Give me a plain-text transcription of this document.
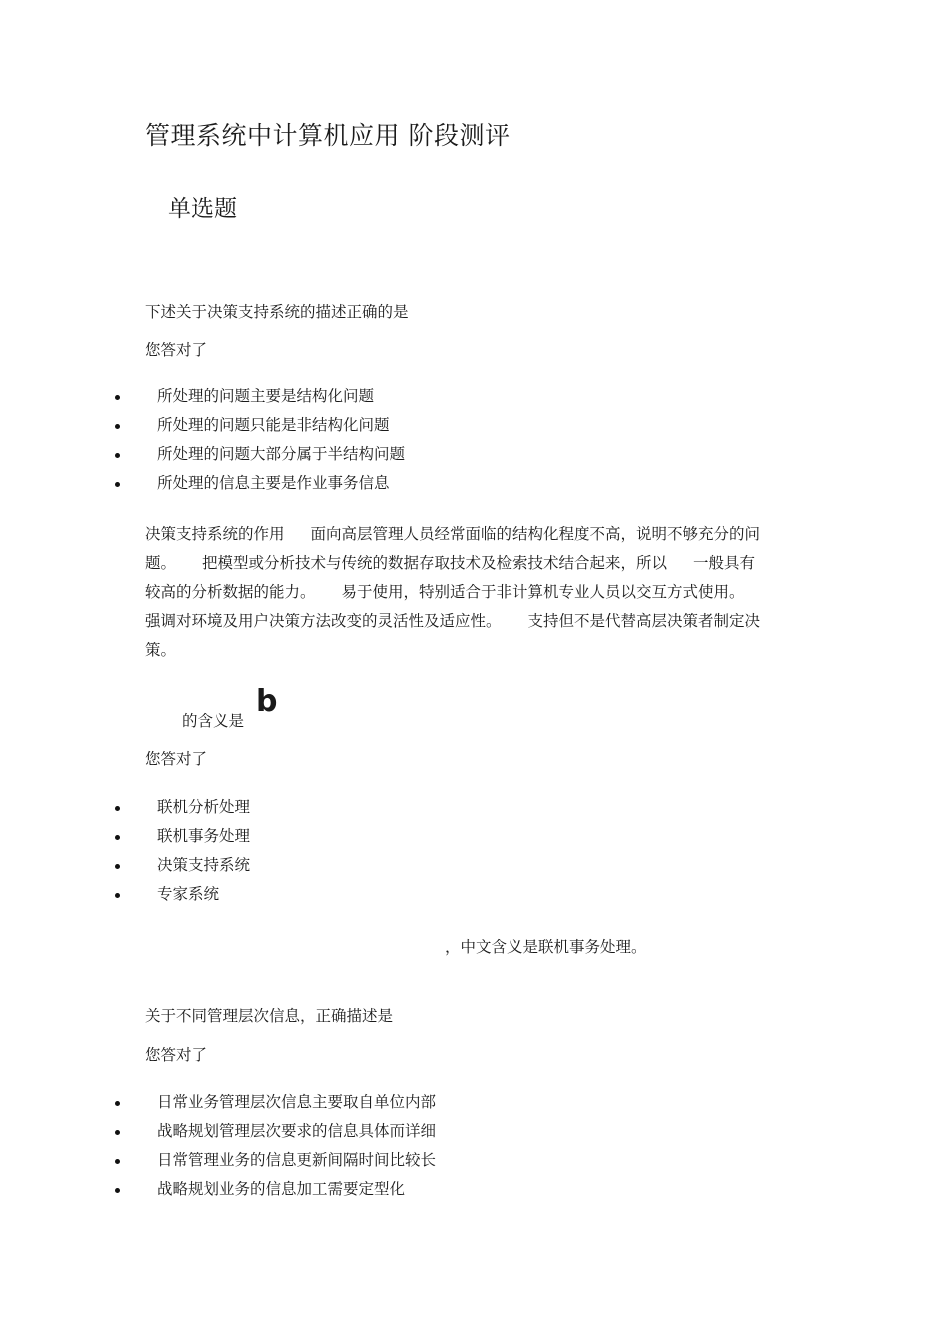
管理系统中计算机应用 阶段测评
单选题
下述关于决策支持系统的描述正确的是
您答对了
所处理的问题主要是结构化问题
所处理的问题只能是非结构化问题
所处理的问题大部分属于半结构问题
所处理的信息主要是作业事务信息
决策支持系统的作用 面向高层管理人员经常面临的结构化程度不高，说明不够充分的问
题。 把模型或分析技术与传统的数据存取技术及检索技术结合起来，所以 一般具有
较高的分析数据的能力。 易于使用，特别适合于非计算机专业人员以交互方式使用。
强调对环境及用户决策方法改变的灵活性及适应性。 支持但不是代替高层决策者制定决
策。
的含义是
b
您答对了
联机分析处理
联机事务处理
决策支持系统
专家系统
，中文含义是联机事务处理。
关于不同管理层次信息，正确描述是
您答对了
日常业务管理层次信息主要取自单位内部
战略规划管理层次要求的信息具体而详细
日常管理业务的信息更新间隔时间比较长
战略规划业务的信息加工需要定型化
